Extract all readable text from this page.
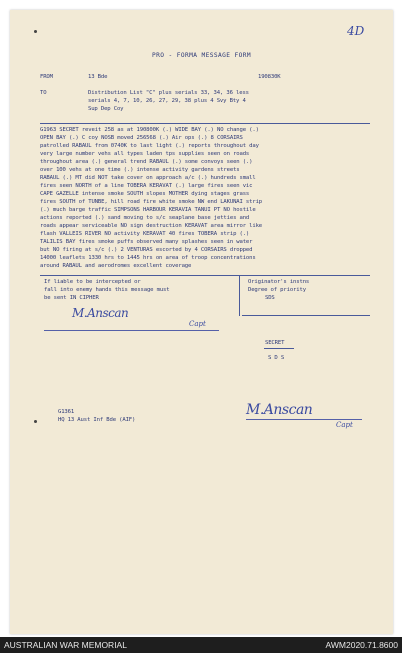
4D
PRO - FORMA MESSAGE FORM
FROM	13 Bde	190830K
TO	Distribution List "C" plus serials 33, 34, 36 less
serials 4, 7, 10, 26, 27, 29, 38 plus 4 Svy Bty 4
Sup Dep Coy
G1963 SECRET reveit 258 as at 190800K (.) WIDE BAY (.) NO change (.)
OPEN BAY (.) C coy NOSB moved 256568 (.) Air ops (.) 8 CORSAIRS
patrolled RABAUL from 0740K to last light (.) reports throughout day
very large number vehs all types laden tps supplies seen on roads
throughout area (.) general trend RABAUL (.) some convoys seen (.)
over 100 vehs at one time (.) intense activity gardens streets
RABAUL (.) MT did NOT take cover on approach a/c (.) hundreds small
fires seen NORTH of a line TOBERA KERAVAT (.) large fires seen vic
CAPE GAZELLE intense smoke SOUTH slopes MOTHER dying stages grass
fires SOUTH of TUNBE, hill road fire white smoke NW end LAKUNAI strip
(.) much barge traffic SIMPSONS HARBOUR KERAVIA TANUI PT NO hostile
actions reported (.) sand moving to s/c seaplane base jetties and
roads appear serviceable NO sign destruction KERAVAT area mirror like
flash VALLEIS RIVER NO activity KERAVAT 40 fires TOBERA strip (.)
TALILIS BAY fires smoke puffs observed many splashes seen in water
but NO firing at s/c (.) 2 VENTURAS escorted by 4 CORSAIRS dropped
14000 leaflets 1330 hrs to 1445 hrs on area of troop concentrations
around RABAUL and aerodromes excellent coverage
If liable to be intercepted or
fall into enemy hands this message must
be sent IN CIPHER
M.Anscan
Capt
Originator's instns
Degree of priority
SDS
SECRET
S D S
G1361
HQ 13 Aust Inf Bde (AIF)
M.Anscan
Capt
AUSTRALIAN WAR MEMORIAL	AWM2020.71.8600
